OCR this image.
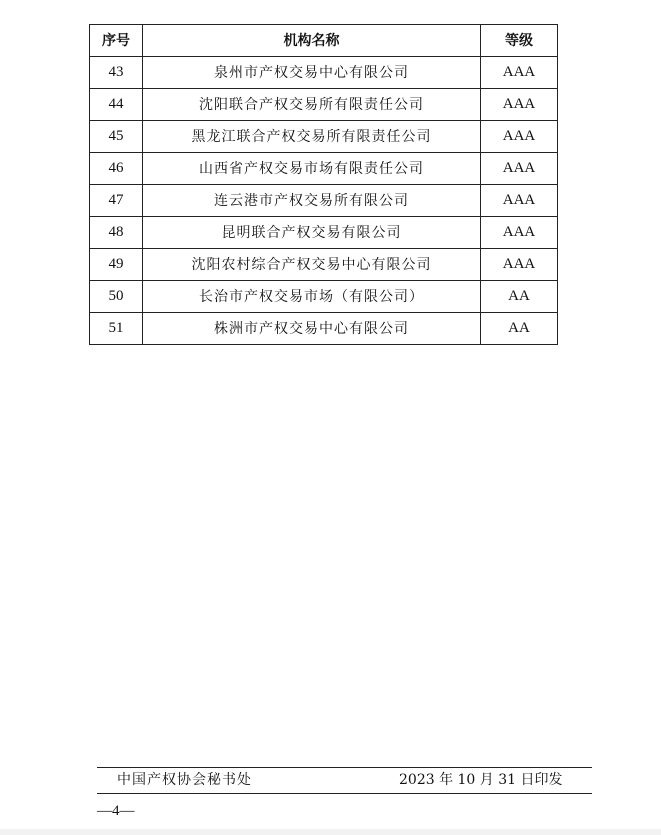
序号	机构名称	等级
43	泉州市产权交易中心有限公司	AAA
44	沈阳联合产权交易所有限责任公司	AAA
45	黑龙江联合产权交易所有限责任公司	AAA
46	山西省产权交易市场有限责任公司	AAA
47	连云港市产权交易所有限公司	AAA
48	昆明联合产权交易有限公司	AAA
49	沈阳农村综合产权交易中心有限公司	AAA
50	长治市产权交易市场（有限公司）	AA
51	株洲市产权交易中心有限公司	AA
中国产权协会秘书处	2023 年 10 月 31 日印发
—4—
